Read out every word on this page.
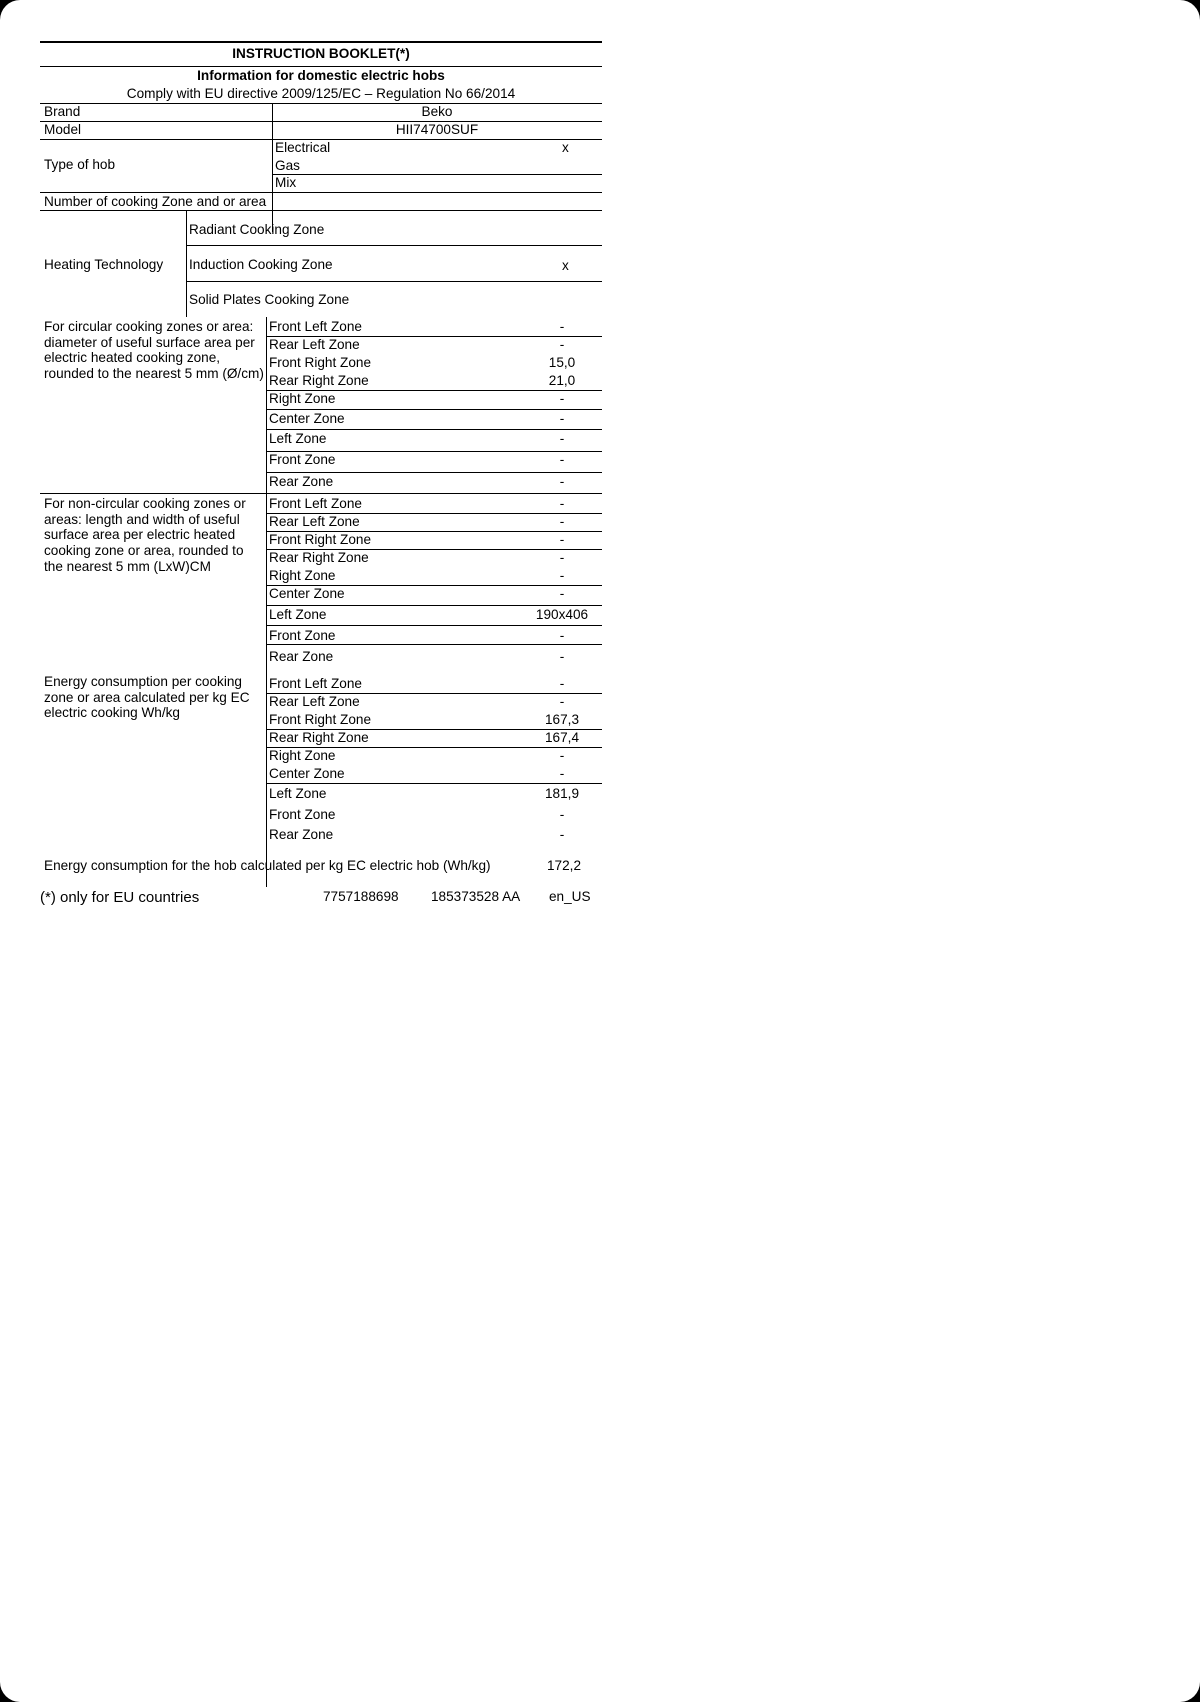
INSTRUCTION BOOKLET(*)
Information for domestic electric hobs
Comply with EU directive 2009/125/EC – Regulation No 66/2014
Brand	Beko
Model	HII74700SUF
Type of hob
Electrical	x
Gas
Mix
Number of cooking Zone and or area
Heating Technology
Radiant Cooking Zone
Induction Cooking Zone	x
Solid Plates Cooking Zone
For circular cooking zones or area: diameter of useful surface area per electric heated cooking zone, rounded to the nearest 5 mm (Ø/cm)
Front Left Zone	-
Rear Left Zone	-
Front Right Zone	15,0
Rear Right Zone	21,0
Right Zone	-
Center Zone	-
Left Zone	-
Front Zone	-
Rear Zone	-
For non-circular cooking zones or areas: length and width of useful surface area per electric heated cooking zone or area, rounded to the nearest 5 mm (LxW)CM
Front Left Zone	-
Rear Left Zone	-
Front Right Zone	-
Rear Right Zone	-
Right Zone	-
Center Zone	-
Left Zone	190x406
Front Zone	-
Rear Zone	-
Energy consumption per cooking zone or area calculated per kg EC electric cooking Wh/kg
Front Left Zone	-
Rear Left Zone	-
Front Right Zone	167,3
Rear Right Zone	167,4
Right Zone	-
Center Zone	-
Left Zone	181,9
Front Zone	-
Rear Zone	-
Energy consumption for the hob calculated per kg EC electric hob (Wh/kg)	172,2
(*) only for EU countries	7757188698 185373528 AA en_US
